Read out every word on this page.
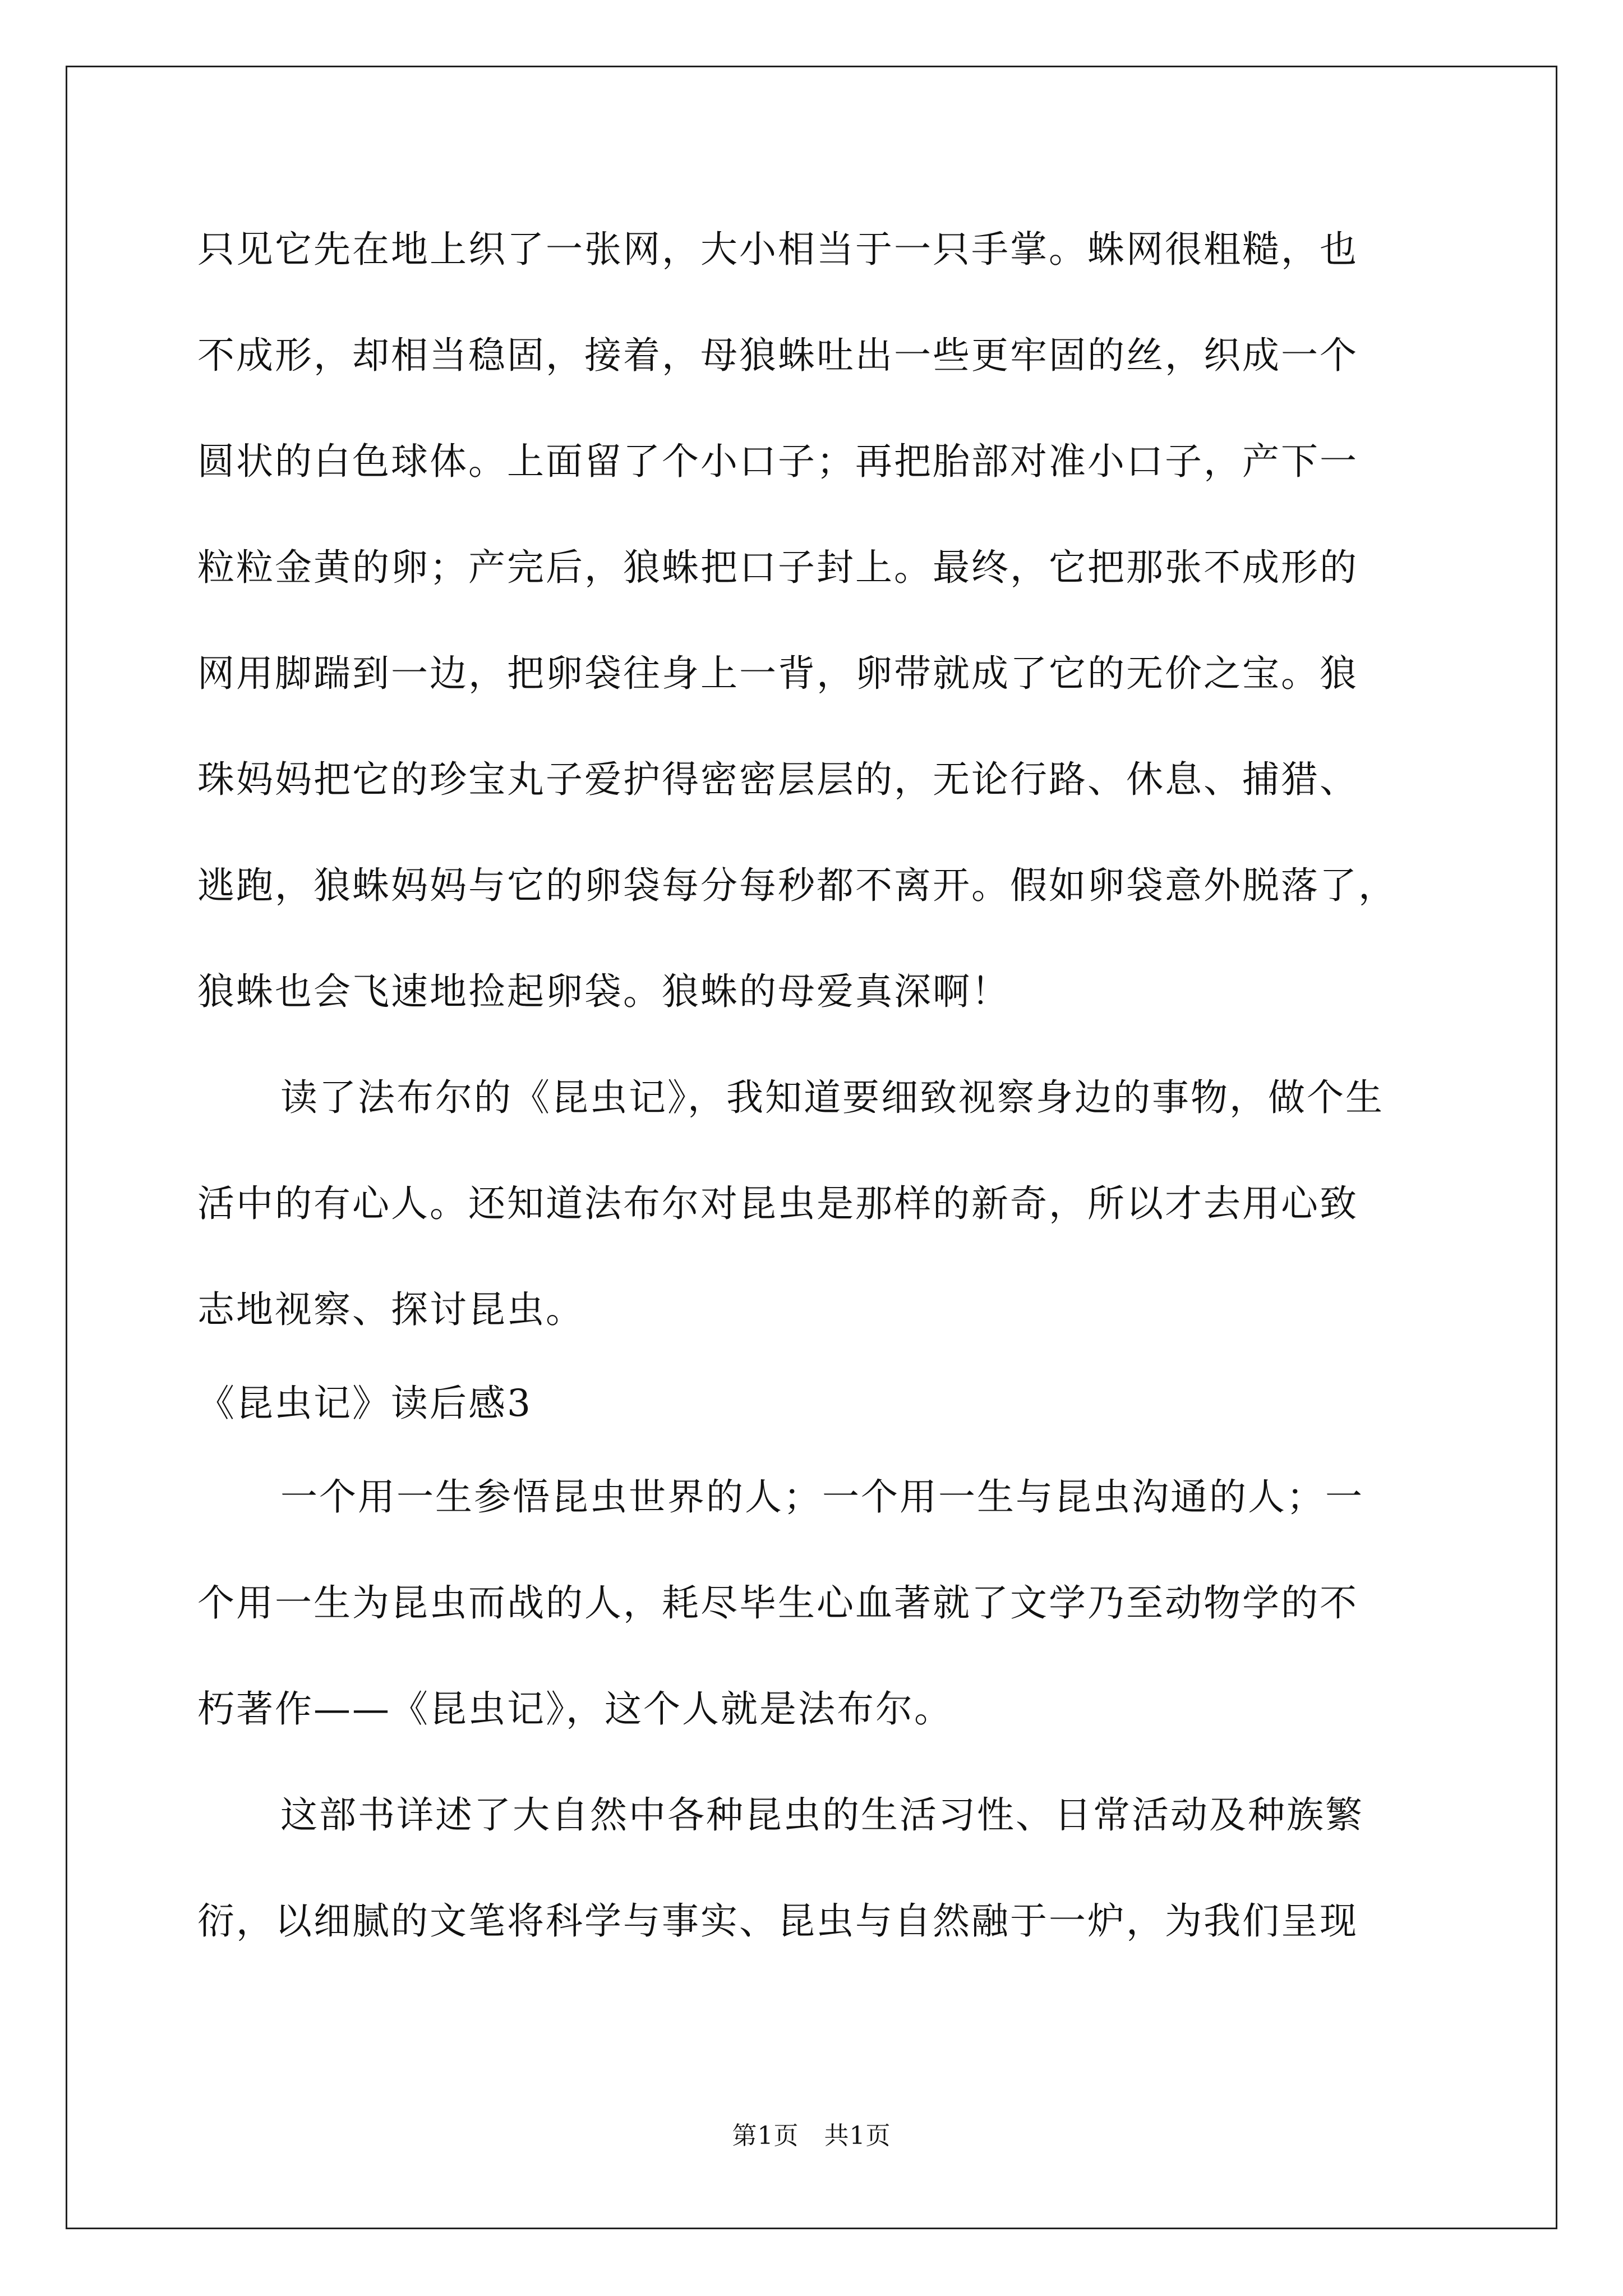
只见它先在地上织了一张网，大小相当于一只手掌。蛛网很粗糙，也
不成形，却相当稳固，接着，母狼蛛吐出一些更牢固的丝，织成一个
圆状的白色球体。上面留了个小口子；再把胎部对准小口子，产下一
粒粒金黄的卵；产完后，狼蛛把口子封上。最终，它把那张不成形的
网用脚踹到一边，把卵袋往身上一背，卵带就成了它的无价之宝。狼
珠妈妈把它的珍宝丸子爱护得密密层层的，无论行路、休息、捕猎、
逃跑，狼蛛妈妈与它的卵袋每分每秒都不离开。假如卵袋意外脱落了，
狼蛛也会飞速地捡起卵袋。狼蛛的母爱真深啊！
读了法布尔的《昆虫记》，我知道要细致视察身边的事物，做个生
活中的有心人。还知道法布尔对昆虫是那样的新奇，所以才去用心致
志地视察、探讨昆虫。
《昆虫记》读后感3
一个用一生参悟昆虫世界的人；一个用一生与昆虫沟通的人；一
个用一生为昆虫而战的人，耗尽毕生心血著就了文学乃至动物学的不
朽著作——《昆虫记》，这个人就是法布尔。
这部书详述了大自然中各种昆虫的生活习性、日常活动及种族繁
衍，以细腻的文笔将科学与事实、昆虫与自然融于一炉，为我们呈现
第1页　共1页
